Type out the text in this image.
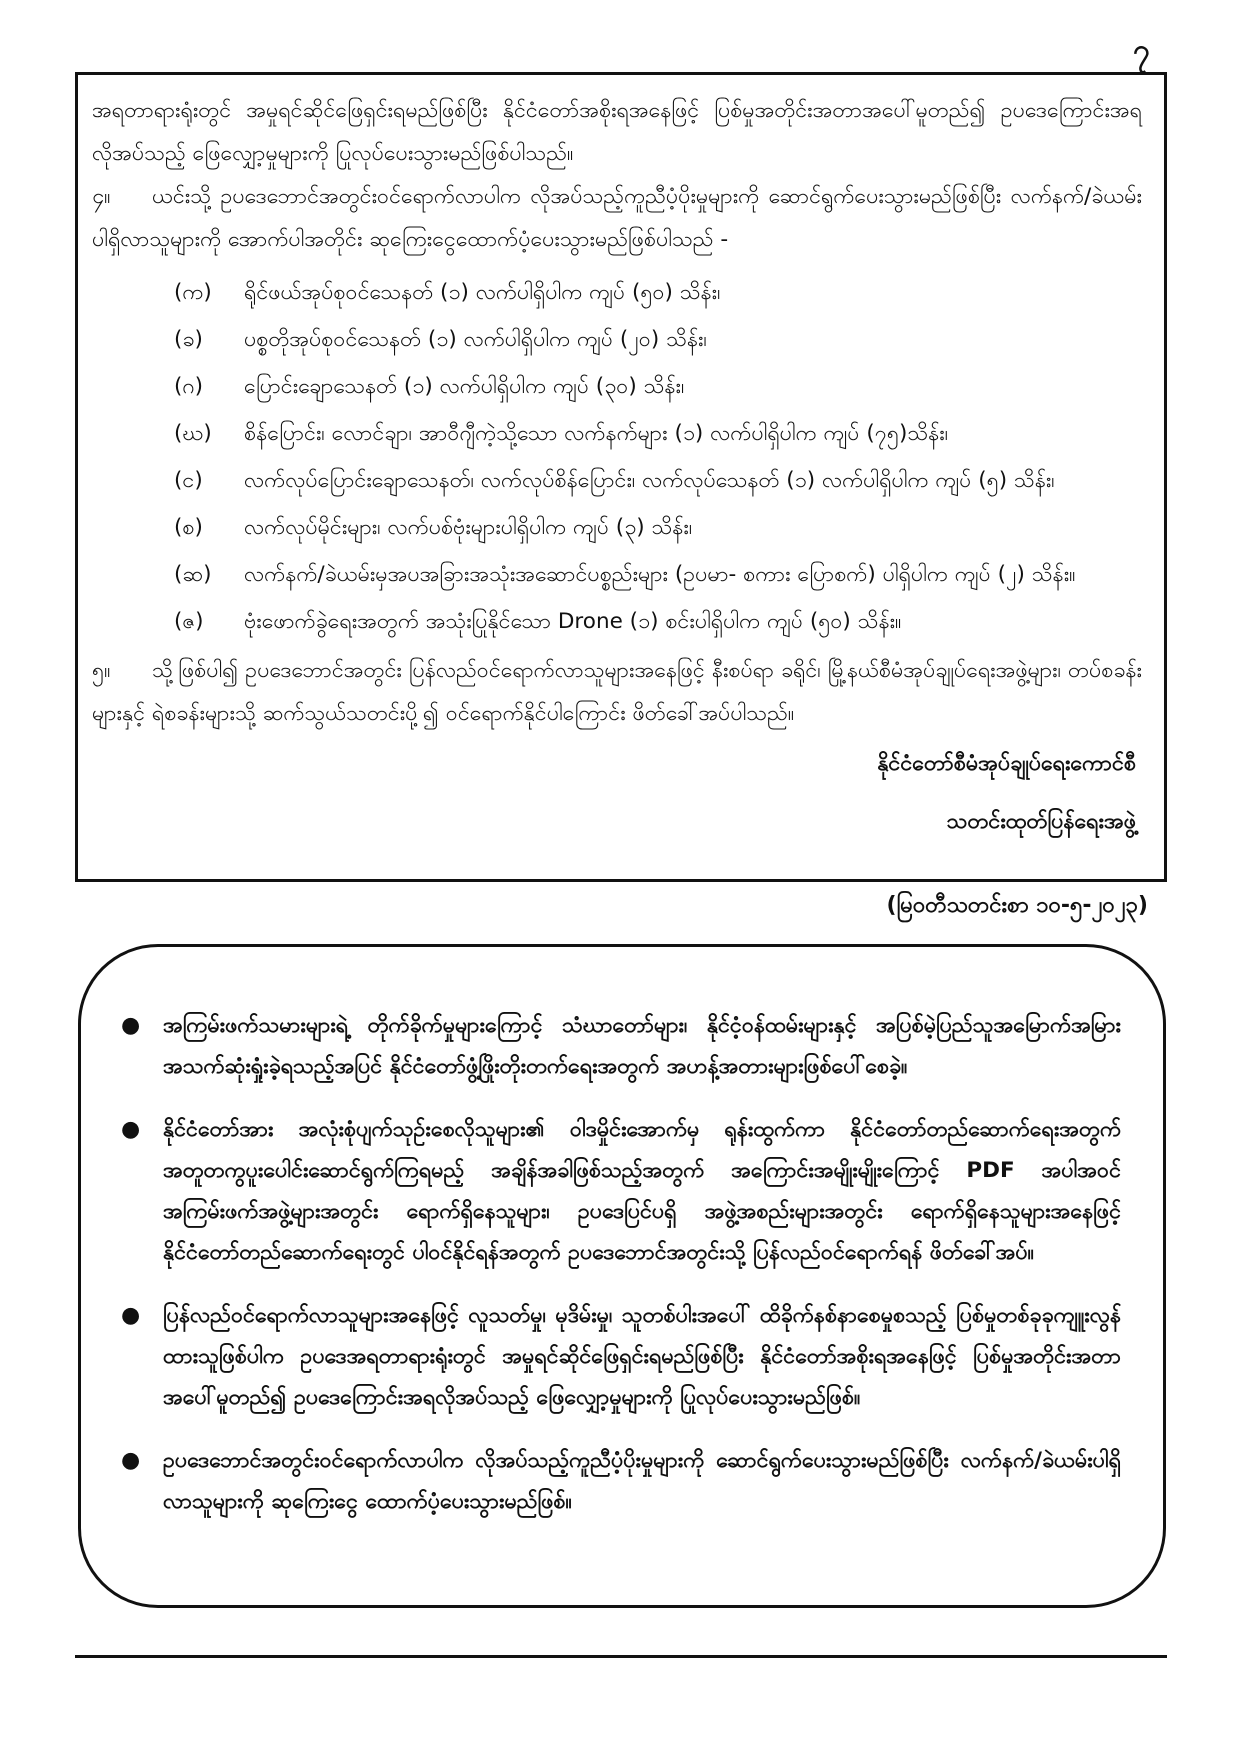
၇

အရတာရားရုံးတွင် အမှုရင်ဆိုင်ဖြေရှင်းရမည်ဖြစ်ပြီး နိုင်ငံတော်အစိုးရအနေဖြင့် ပြစ်မှုအတိုင်းအတာအပေါ်မူတည်၍ ဥပဒေကြောင်းအရ လိုအပ်သည့် ဖြေလျှော့မှုများကို ပြုလုပ်ပေးသွားမည်ဖြစ်ပါသည်။

၄။ ယင်းသို့ ဥပဒေဘောင်အတွင်းဝင်ရောက်လာပါက လိုအပ်သည့်ကူညီပံ့ပိုးမှုများကို ဆောင်ရွက်ပေးသွားမည်ဖြစ်ပြီး လက်နက်/ခဲယမ်းပါရှိလာသူများကို အောက်ပါအတိုင်း ဆုကြေးငွေထောက်ပံ့ပေးသွားမည်ဖြစ်ပါသည် -

(က)	ရိုင်ဖယ်အုပ်စုဝင်သေနတ် (၁) လက်ပါရှိပါက ကျပ် (၅၀) သိန်း၊
(ခ)	ပစ္စတိုအုပ်စုဝင်သေနတ် (၁) လက်ပါရှိပါက ကျပ် (၂၀) သိန်း၊
(ဂ)	ပြောင်းချောသေနတ် (၁) လက်ပါရှိပါက ကျပ် (၃၀) သိန်း၊
(ဃ)	စိန်ပြောင်း၊ လောင်ချာ၊ အာဝီဂျီကဲ့သို့သော လက်နက်များ (၁) လက်ပါရှိပါက ကျပ် (၇၅)သိန်း၊
(င)	လက်လုပ်ပြောင်းချောသေနတ်၊ လက်လုပ်စိန်ပြောင်း၊ လက်လုပ်သေနတ် (၁) လက်ပါရှိပါက ကျပ် (၅) သိန်း၊
(စ)	လက်လုပ်မိုင်းများ၊ လက်ပစ်ဗုံးများပါရှိပါက ကျပ် (၃) သိန်း၊
(ဆ)	လက်နက်/ခဲယမ်းမှအပအခြားအသုံးအဆောင်ပစ္စည်းများ (ဥပမာ- စကား ပြောစက်) ပါရှိပါက ကျပ် (၂) သိန်း။
(ဇ)	ဗုံးဖောက်ခွဲရေးအတွက် အသုံးပြုနိုင်သော Drone (၁) စင်းပါရှိပါက ကျပ် (၅၀) သိန်း။

၅။ သို့ဖြစ်ပါ၍ ဥပဒေဘောင်အတွင်း ပြန်လည်ဝင်ရောက်လာသူများအနေဖြင့် နီးစပ်ရာ ခရိုင်၊ မြို့နယ်စီမံအုပ်ချုပ်ရေးအဖွဲ့များ၊ တပ်စခန်းများနှင့် ရဲစခန်းများသို့ ဆက်သွယ်သတင်းပို့၍ ဝင်ရောက်နိုင်ပါကြောင်း ဖိတ်ခေါ်အပ်ပါသည်။

နိုင်ငံတော်စီမံအုပ်ချုပ်ရေးကောင်စီ
သတင်းထုတ်ပြန်ရေးအဖွဲ့
(မြဝတီသတင်းစာ ၁၀-၅-၂၀၂၃)
●	အကြမ်းဖက်သမားများရဲ့ တိုက်ခိုက်မှုများကြောင့် သံဃာတော်များ၊ နိုင်ငံ့ဝန်ထမ်းများနှင့် အပြစ်မဲ့ပြည်သူအမြောက်အမြား အသက်ဆုံးရှုံးခဲ့ရသည့်အပြင် နိုင်ငံတော်ဖွံ့ဖြိုးတိုးတက်ရေးအတွက် အဟန့်အတားများဖြစ်ပေါ်စေခဲ့။
●	နိုင်ငံတော်အား အလုံးစုံပျက်သုဉ်းစေလိုသူများ၏ ဝါဒမှိုင်းအောက်မှ ရုန်းထွက်ကာ နိုင်ငံတော်တည်ဆောက်ရေးအတွက် အတူတကွပူးပေါင်းဆောင်ရွက်ကြရမည့် အချိန်အခါဖြစ်သည့်အတွက် အကြောင်းအမျိုးမျိုးကြောင့် PDF အပါအဝင် အကြမ်းဖက်အဖွဲ့များအတွင်း ရောက်ရှိနေသူများ၊ ဥပဒေပြင်ပရှိ အဖွဲ့အစည်းများအတွင်း ရောက်ရှိနေသူများအနေဖြင့် နိုင်ငံတော်တည်ဆောက်ရေးတွင် ပါဝင်နိုင်ရန်အတွက် ဥပဒေဘောင်အတွင်းသို့ ပြန်လည်ဝင်ရောက်ရန် ဖိတ်ခေါ်အပ်။
●	ပြန်လည်ဝင်ရောက်လာသူများအနေဖြင့် လူသတ်မှု၊ မုဒိမ်းမှု၊ သူတစ်ပါးအပေါ် ထိခိုက်နစ်နာစေမှုစသည့် ပြစ်မှုတစ်ခုခုကျူးလွန်ထားသူဖြစ်ပါက ဥပဒေအရတာရားရုံးတွင် အမှုရင်ဆိုင်ဖြေရှင်းရမည်ဖြစ်ပြီး နိုင်ငံတော်အစိုးရအနေဖြင့် ပြစ်မှုအတိုင်းအတာအပေါ်မူတည်၍ ဥပဒေကြောင်းအရလိုအပ်သည့် ဖြေလျှော့မှုများကို ပြုလုပ်ပေးသွားမည်ဖြစ်။
●	ဥပဒေဘောင်အတွင်းဝင်ရောက်လာပါက လိုအပ်သည့်ကူညီပံ့ပိုးမှုများကို ဆောင်ရွက်ပေးသွားမည်ဖြစ်ပြီး လက်နက်/ခဲယမ်းပါရှိလာသူများကို ဆုကြေးငွေ ထောက်ပံ့ပေးသွားမည်ဖြစ်။
